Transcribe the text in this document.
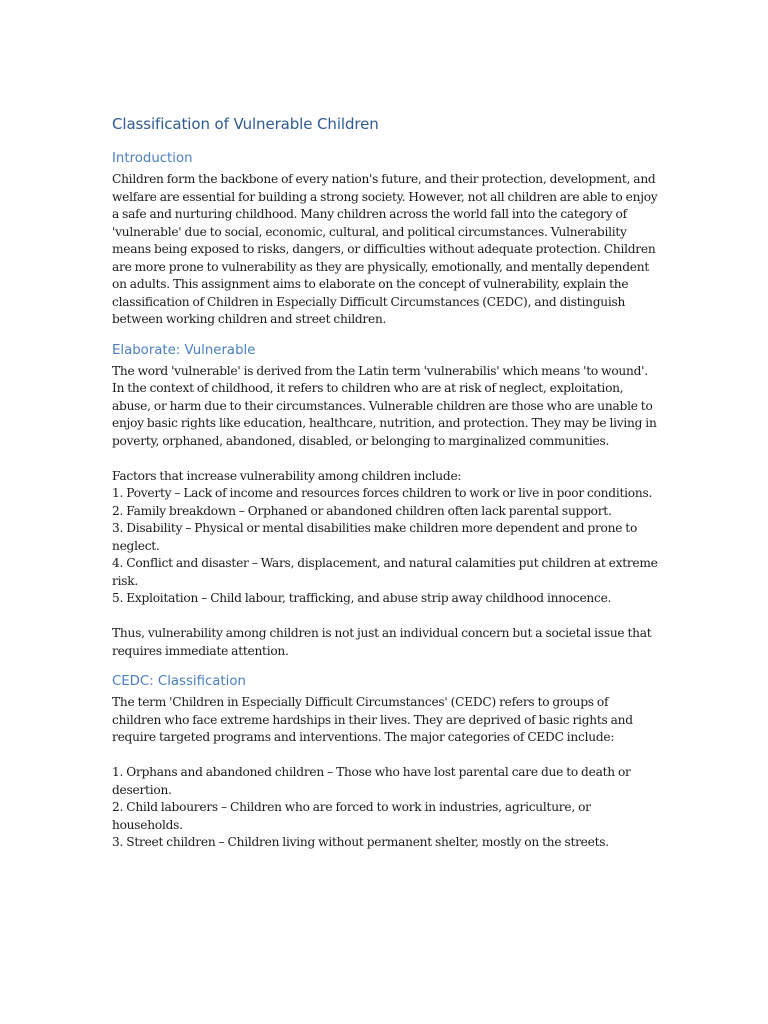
Classification of Vulnerable Children
Introduction

Children form the backbone of every nation's future, and their protection, development, and welfare are essential for building a strong society. However, not all children are able to enjoy a safe and nurturing childhood. Many children across the world fall into the category of 'vulnerable' due to social, economic, cultural, and political circumstances. Vulnerability means being exposed to risks, dangers, or difficulties without adequate protection. Children are more prone to vulnerability as they are physically, emotionally, and mentally dependent on adults. This assignment aims to elaborate on the concept of vulnerability, explain the classification of Children in Especially Difficult Circumstances (CEDC), and distinguish between working children and street children.

Elaborate: Vulnerable

The word 'vulnerable' is derived from the Latin term 'vulnerabilis' which means 'to wound'. In the context of childhood, it refers to children who are at risk of neglect, exploitation, abuse, or harm due to their circumstances. Vulnerable children are those who are unable to enjoy basic rights like education, healthcare, nutrition, and protection. They may be living in poverty, orphaned, abandoned, disabled, or belonging to marginalized communities.

Factors that increase vulnerability among children include:

1. Poverty – Lack of income and resources forces children to work or live in poor conditions.

2. Family breakdown – Orphaned or abandoned children often lack parental support.

3. Disability – Physical or mental disabilities make children more dependent and prone to neglect.

4. Conflict and disaster – Wars, displacement, and natural calamities put children at extreme risk.

5. Exploitation – Child labour, trafficking, and abuse strip away childhood innocence.

Thus, vulnerability among children is not just an individual concern but a societal issue that requires immediate attention.

CEDC: Classification

The term 'Children in Especially Difficult Circumstances' (CEDC) refers to groups of children who face extreme hardships in their lives. They are deprived of basic rights and require targeted programs and interventions. The major categories of CEDC include:

1. Orphans and abandoned children – Those who have lost parental care due to death or desertion.

2. Child labourers – Children who are forced to work in industries, agriculture, or households.

3. Street children – Children living without permanent shelter, mostly on the streets.
